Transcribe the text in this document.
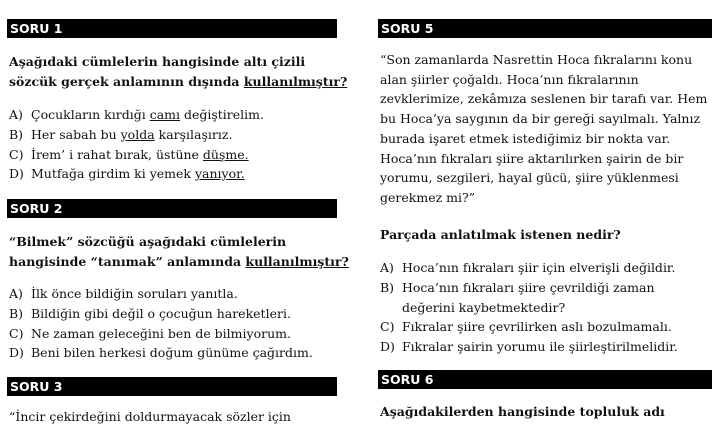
SORU 1
Aşağıdaki cümlelerin hangisinde altı çizili
sözcük gerçek anlamının dışında kullanılmıştır?
A) Çocukların kırdığı camı değiştirelim.
B) Her sabah bu yolda karşılaşırız.
C) İrem’ i rahat bırak, üstüne düşme.
D) Mutfağa girdim ki yemek yanıyor.
SORU 2
“Bilmek” sözcüğü aşağıdaki cümlelerin
hangisinde “tanımak” anlamında kullanılmıştır?
A) İlk önce bildiğin soruları yanıtla.
B) Bildiğin gibi değil o çocuğun hareketleri.
C) Ne zaman geleceğini ben de bilmiyorum.
D) Beni bilen herkesi doğum günüme çağırdım.
SORU 3
“İncir çekirdeğini doldurmayacak sözler için
SORU 5
“Son zamanlarda Nasrettin Hoca fıkralarını konu alan şiirler çoğaldı. Hoca’nın fıkralarının zevklerimize, zekâmıza seslenen bir tarafı var. Hem bu Hoca’ya saygının da bir gereği sayılmalı. Yalnız burada işaret etmek istediğimiz bir nokta var. Hoca’nın fıkraları şiire aktarılırken şairin de bir yorumu, sezgileri, hayal gücü, şiire yüklenmesi gerekmez mi?”
Parçada anlatılmak istenen nedir?
A) Hoca’nın fıkraları şiir için elverişli değildir.
B) Hoca’nın fıkraları şiire çevrildiği zaman değerini kaybetmektedir?
C) Fıkralar şiire çevrilirken aslı bozulmamalı.
D) Fıkralar şairin yorumu ile şiirleştirilmelidir.
SORU 6
Aşağıdakilerden hangisinde topluluk adı
